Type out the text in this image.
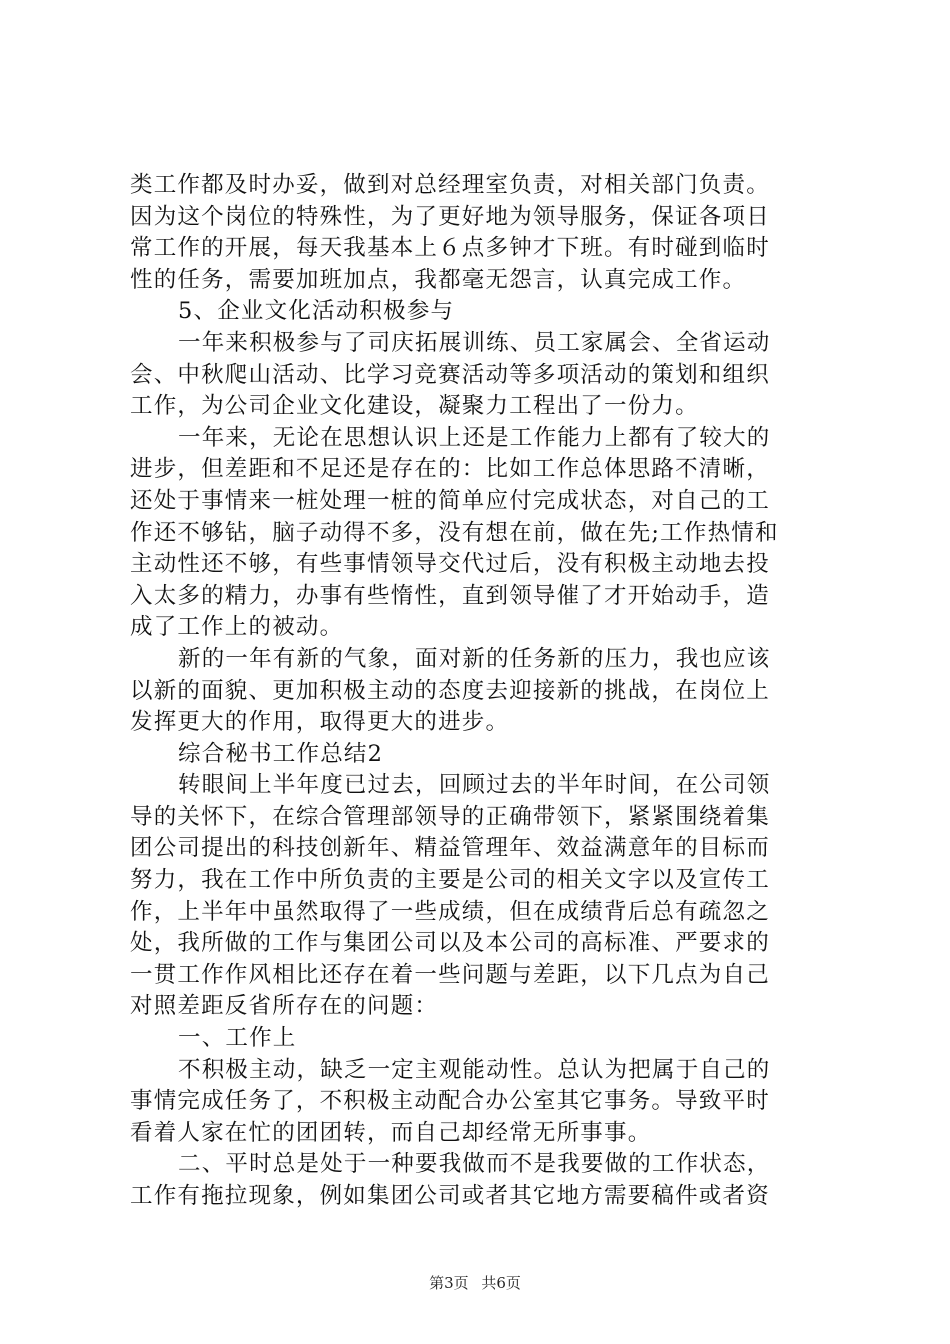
类工作都及时办妥，做到对总经理室负责，对相关部门负责。
因为这个岗位的特殊性，为了更好地为领导服务，保证各项日
常工作的开展，每天我基本上６点多钟才下班。有时碰到临时
性的任务，需要加班加点，我都毫无怨言，认真完成工作。
5、企业文化活动积极参与
一年来积极参与了司庆拓展训练、员工家属会、全省运动
会、中秋爬山活动、比学习竞赛活动等多项活动的策划和组织
工作，为公司企业文化建设，凝聚力工程出了一份力。
一年来，无论在思想认识上还是工作能力上都有了较大的
进步，但差距和不足还是存在的：比如工作总体思路不清晰，
还处于事情来一桩处理一桩的简单应付完成状态，对自己的工
作还不够钻，脑子动得不多，没有想在前，做在先;工作热情和
主动性还不够，有些事情领导交代过后，没有积极主动地去投
入太多的精力，办事有些惰性，直到领导催了才开始动手，造
成了工作上的被动。
新的一年有新的气象，面对新的任务新的压力，我也应该
以新的面貌、更加积极主动的态度去迎接新的挑战，在岗位上
发挥更大的作用，取得更大的进步。
综合秘书工作总结2
转眼间上半年度已过去，回顾过去的半年时间，在公司领
导的关怀下，在综合管理部领导的正确带领下，紧紧围绕着集
团公司提出的科技创新年、精益管理年、效益满意年的目标而
努力，我在工作中所负责的主要是公司的相关文字以及宣传工
作，上半年中虽然取得了一些成绩，但在成绩背后总有疏忽之
处，我所做的工作与集团公司以及本公司的高标准、严要求的
一贯工作作风相比还存在着一些问题与差距，以下几点为自己
对照差距反省所存在的问题：
一、工作上
不积极主动，缺乏一定主观能动性。总认为把属于自己的
事情完成任务了，不积极主动配合办公室其它事务。导致平时
看着人家在忙的团团转，而自己却经常无所事事。
二、平时总是处于一种要我做而不是我要做的工作状态，
工作有拖拉现象，例如集团公司或者其它地方需要稿件或者资
第3页 共6页
